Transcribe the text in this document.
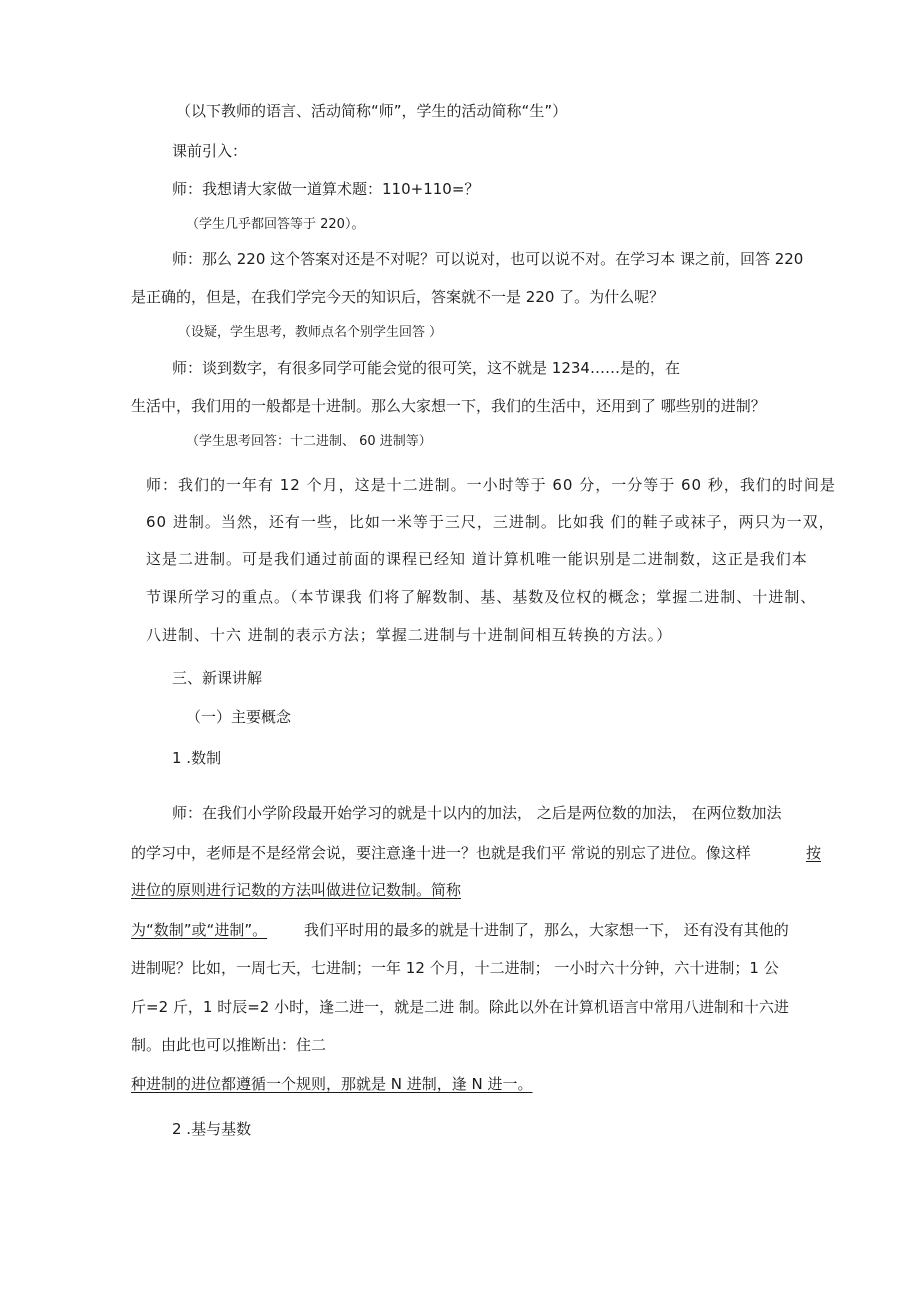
（以下教师的语言、活动简称“师”，学生的活动简称“生”）
课前引入：
师：我想请大家做一道算术题：110+110=？
（学生几乎都回答等于 220）。
师：那么 220 这个答案对还是不对呢？可以说对，也可以说不对。在学习本 课之前，回答 220
是正确的，但是，在我们学完今天的知识后，答案就不一是 220 了。为什么呢？
（设疑，学生思考，教师点名个别学生回答 ）
师：谈到数字，有很多同学可能会觉的很可笑，这不就是 1234……是的，在
生活中，我们用的一般都是十进制。那么大家想一下，我们的生活中，还用到了 哪些别的进制？
（学生思考回答：十二进制、 60 进制等）
师：我们的一年有 12 个月，这是十二进制。一小时等于 60 分，一分等于 60 秒，我们的时间是
60 进制。当然，还有一些，比如一米等于三尺，三进制。比如我 们的鞋子或袜子，两只为一双，
这是二进制。可是我们通过前面的课程已经知 道计算机唯一能识别是二进制数，这正是我们本
节课所学习的重点。（本节课我 们将了解数制、基、基数及位权的概念；掌握二进制、十进制、
八进制、十六 进制的表示方法；掌握二进制与十进制间相互转换的方法。）
三、新课讲解
（一）主要概念
1 .数制
师：在我们小学阶段最开始学习的就是十以内的加法， 之后是两位数的加法， 在两位数加法
的学习中，老师是不是经常会说，要注意逢十进一？也就是我们平 常说的别忘了进位。像这样	按
进位的原则进行记数的方法叫做进位记数制。简称
为“数制”或“进制”。 我们平时用的最多的就是十进制了，那么，大家想一下， 还有没有其他的
进制呢？比如，一周七天，七进制；一年 12 个月，十二进制； 一小时六十分钟，六十进制；1 公
斤=2 斤，1 时辰=2 小时，逢二进一，就是二进 制。除此以外在计算机语言中常用八进制和十六进
制。由此也可以推断出：住二
种进制的进位都遵循一个规则，那就是 N 进制，逢 N 进一。
2 .基与基数
